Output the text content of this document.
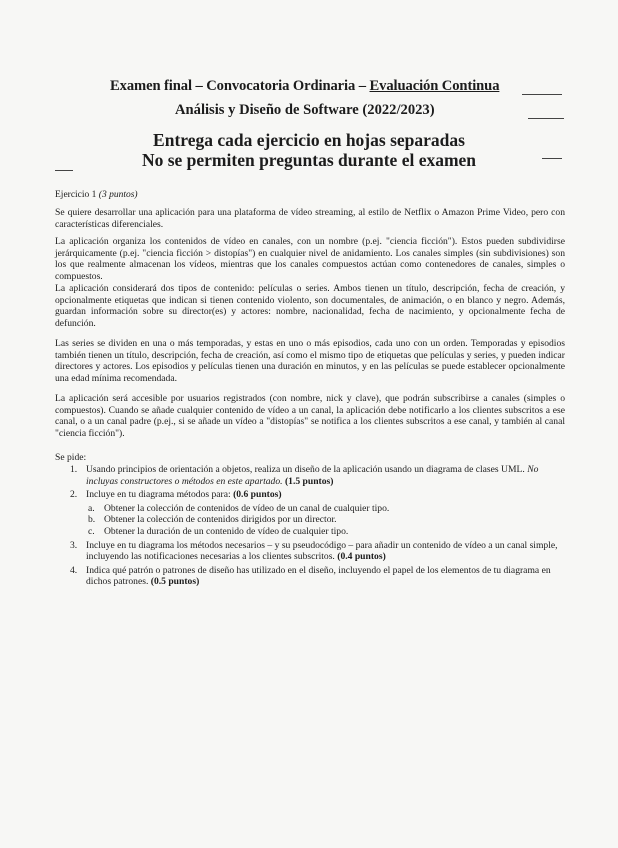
Examen final – Convocatoria Ordinaria – Evaluación Continua
Análisis y Diseño de Software (2022/2023)
Entrega cada ejercicio en hojas separadas
No se permiten preguntas durante el examen
Ejercicio 1 (3 puntos)

Se quiere desarrollar una aplicación para una plataforma de vídeo streaming, al estilo de Netflix o Amazon Prime Video, pero con características diferenciales.

La aplicación organiza los contenidos de vídeo en canales, con un nombre (p.ej. "ciencia ficción"). Estos pueden subdividirse jerárquicamente (p.ej. "ciencia ficción > distopías") en cualquier nivel de anidamiento. Los canales simples (sin subdivisiones) son los que realmente almacenan los vídeos, mientras que los canales compuestos actúan como contenedores de canales, simples o compuestos.

La aplicación considerará dos tipos de contenido: películas o series. Ambos tienen un título, descripción, fecha de creación, y opcionalmente etiquetas que indican si tienen contenido violento, son documentales, de animación, o en blanco y negro. Además, guardan información sobre su director(es) y actores: nombre, nacionalidad, fecha de nacimiento, y opcionalmente fecha de defunción.

Las series se dividen en una o más temporadas, y estas en uno o más episodios, cada uno con un orden. Temporadas y episodios también tienen un título, descripción, fecha de creación, así como el mismo tipo de etiquetas que películas y series, y pueden indicar directores y actores. Los episodios y películas tienen una duración en minutos, y en las películas se puede establecer opcionalmente una edad mínima recomendada.

La aplicación será accesible por usuarios registrados (con nombre, nick y clave), que podrán subscribirse a canales (simples o compuestos). Cuando se añade cualquier contenido de vídeo a un canal, la aplicación debe notificarlo a los clientes subscritos a ese canal, o a un canal padre (p.ej., si se añade un vídeo a "distopías" se notifica a los clientes subscritos a ese canal, y también al canal "ciencia ficción").

Se pide:
1. Usando principios de orientación a objetos, realiza un diseño de la aplicación usando un diagrama de clases UML. No incluyas constructores o métodos en este apartado. (1.5 puntos)
2. Incluye en tu diagrama métodos para: (0.6 puntos)
a. Obtener la colección de contenidos de vídeo de un canal de cualquier tipo.
b. Obtener la colección de contenidos dirigidos por un director.
c. Obtener la duración de un contenido de vídeo de cualquier tipo.
3. Incluye en tu diagrama los métodos necesarios – y su pseudocódigo – para añadir un contenido de vídeo a un canal simple, incluyendo las notificaciones necesarias a los clientes subscritos. (0.4 puntos)
4. Indica qué patrón o patrones de diseño has utilizado en el diseño, incluyendo el papel de los elementos de tu diagrama en dichos patrones. (0.5 puntos)
